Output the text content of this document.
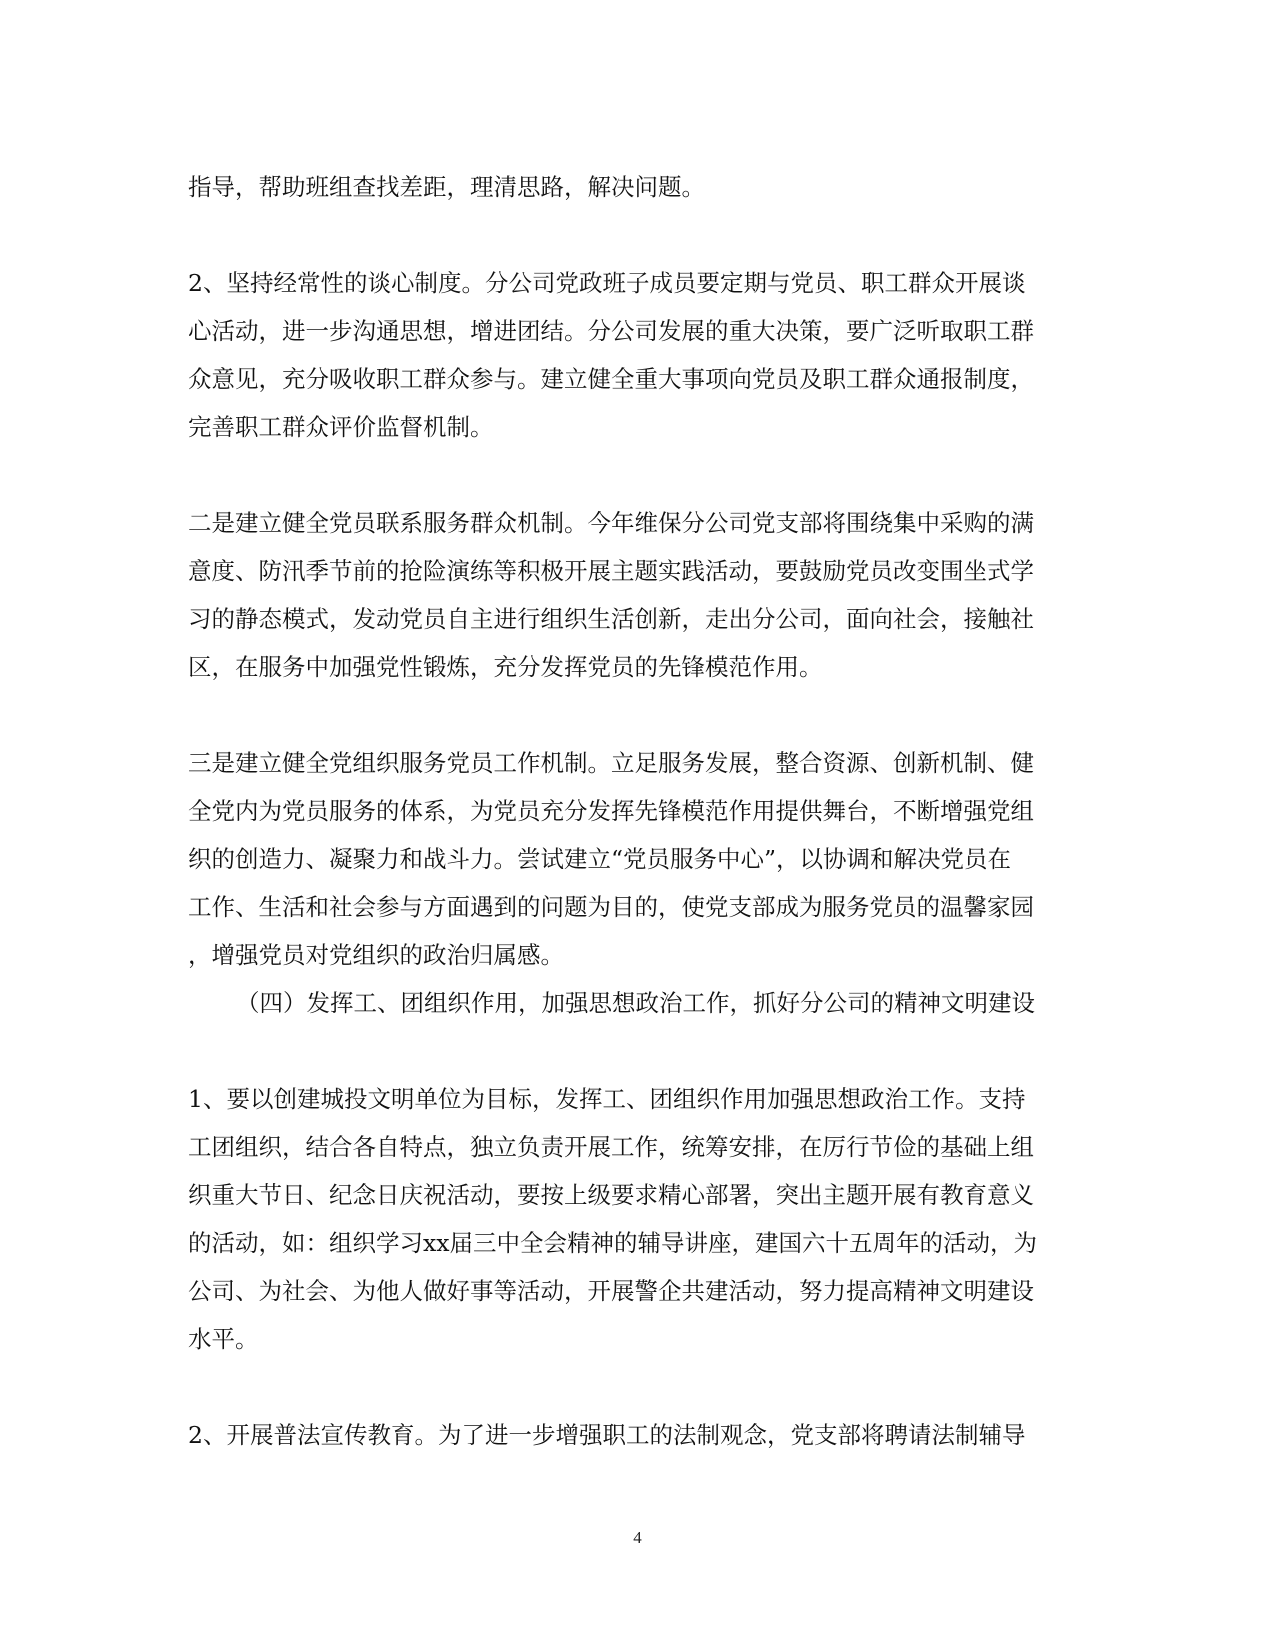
指导，帮助班组查找差距，理清思路，解决问题。
2、坚持经常性的谈心制度。分公司党政班子成员要定期与党员、职工群众开展谈
心活动，进一步沟通思想，增进团结。分公司发展的重大决策，要广泛听取职工群
众意见，充分吸收职工群众参与。建立健全重大事项向党员及职工群众通报制度，
完善职工群众评价监督机制。
二是建立健全党员联系服务群众机制。今年维保分公司党支部将围绕集中采购的满
意度、防汛季节前的抢险演练等积极开展主题实践活动，要鼓励党员改变围坐式学
习的静态模式，发动党员自主进行组织生活创新，走出分公司，面向社会，接触社
区，在服务中加强党性锻炼，充分发挥党员的先锋模范作用。
三是建立健全党组织服务党员工作机制。立足服务发展，整合资源、创新机制、健
全党内为党员服务的体系，为党员充分发挥先锋模范作用提供舞台，不断增强党组
织的创造力、凝聚力和战斗力。尝试建立“党员服务中心”，以协调和解决党员在
工作、生活和社会参与方面遇到的问题为目的，使党支部成为服务党员的温馨家园
，增强党员对党组织的政治归属感。
（四）发挥工、团组织作用，加强思想政治工作，抓好分公司的精神文明建设
1、要以创建城投文明单位为目标，发挥工、团组织作用加强思想政治工作。支持
工团组织，结合各自特点，独立负责开展工作，统筹安排，在厉行节俭的基础上组
织重大节日、纪念日庆祝活动，要按上级要求精心部署，突出主题开展有教育意义
的活动，如：组织学习xx届三中全会精神的辅导讲座，建国六十五周年的活动，为
公司、为社会、为他人做好事等活动，开展警企共建活动，努力提高精神文明建设
水平。
2、开展普法宣传教育。为了进一步增强职工的法制观念，党支部将聘请法制辅导
4
